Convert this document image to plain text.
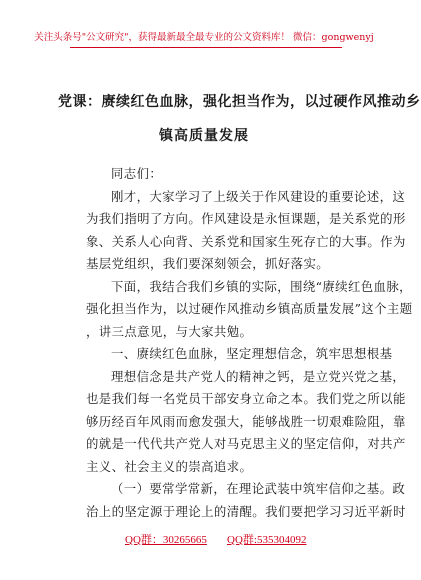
关注头条号"公文研究"，获得最新最全最专业的公文资料库！ 微信：gongwenyj
党课：赓续红色血脉，强化担当作为，以过硬作风推动乡
镇高质量发展
同志们：

刚才，大家学习了上级关于作风建设的重要论述，这
为我们指明了方向。作风建设是永恒课题，是关系党的形
象、关系人心向背、关系党和国家生死存亡的大事。作为
基层党组织，我们要深刻领会，抓好落实。

下面，我结合我们乡镇的实际，围绕“赓续红色血脉，
强化担当作为，以过硬作风推动乡镇高质量发展”这个主题
，讲三点意见，与大家共勉。

一、赓续红色血脉，坚定理想信念，筑牢思想根基

理想信念是共产党人的精神之钙，是立党兴党之基，
也是我们每一名党员干部安身立命之本。我们党之所以能
够历经百年风雨而愈发强大，能够战胜一切艰难险阻，靠
的就是一代代共产党人对马克思主义的坚定信仰，对共产
主义、社会主义的崇高追求。

（一）要常学常新，在理论武装中筑牢信仰之基。政
治上的坚定源于理论上的清醒。我们要把学习习近平新时

QQ群：30265665 QQ群:535304092
